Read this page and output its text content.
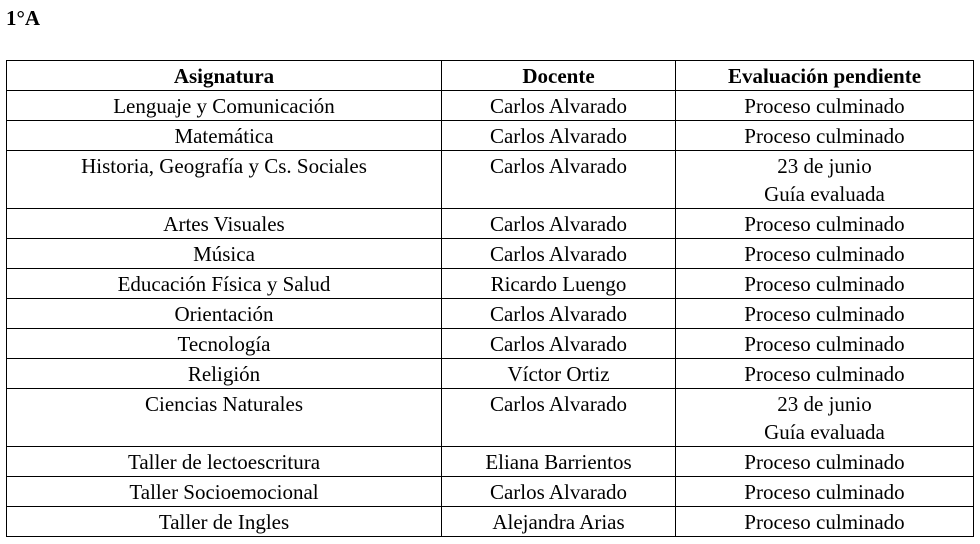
1°A
Asignatura	Docente	Evaluación pendiente
Lenguaje y Comunicación	Carlos Alvarado	Proceso culminado

Matemática	Carlos Alvarado	Proceso culminado

Historia, Geografía y Cs. Sociales	Carlos Alvarado	23 de junio
Guía evaluada

Artes Visuales	Carlos Alvarado	Proceso culminado

Música	Carlos Alvarado	Proceso culminado

Educación Física y Salud	Ricardo Luengo	Proceso culminado

Orientación	Carlos Alvarado	Proceso culminado

Tecnología	Carlos Alvarado	Proceso culminado

Religión	Víctor Ortiz	Proceso culminado

Ciencias Naturales	Carlos Alvarado	23 de junio
Guía evaluada

Taller de lectoescritura	Eliana Barrientos	Proceso culminado

Taller Socioemocional	Carlos Alvarado	Proceso culminado

Taller de Ingles	Alejandra Arias	Proceso culminado
